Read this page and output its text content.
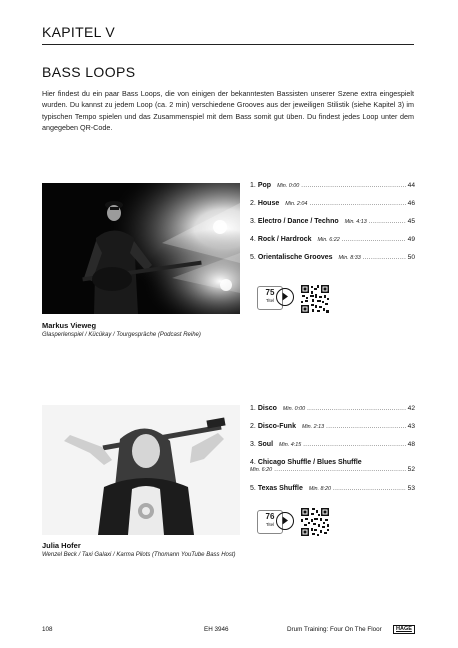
KAPITEL V
BASS LOOPS
Hier findest du ein paar Bass Loops, die von einigen der bekanntesten Bassisten unserer Szene extra eingespielt wurden. Du kannst zu jedem Loop (ca. 2 min) verschiedene Grooves aus der jeweiligen Stilistik (siehe Kapitel 3) im typischen Tempo spielen und das Zusammenspiel mit dem Bass somit gut üben. Du findest jedes Loop unter dem angegeben QR-Code.
Markus Vieweg
Glasperlenspiel / Kücükay / Tourgespräche (Podcast Reihe)
1. Pop Min. 0:00 .....	44
2. House Min. 2:04 .....	46
3. Electro / Dance / Techno Min. 4:13 .....	45
4. Rock / Hardrock Min. 6:22 .....	49
5. Orientalische Grooves Min. 8:33 .....	50
75
Titel
Julia Hofer
Wenzel Beck / Taxi Galaxi / Karma Pilots (Thomann YouTube Bass Host)
1. Disco Min. 0:00 .....	42
2. Disco-Funk Min. 2:13 .....	43
3. Soul Min. 4:15 .....	48
4. Chicago Shuffle / Blues Shuffle
Min. 6:20 .....	52
5. Texas Shuffle Min. 8:20 .....	53
76
Titel
108	EH 3946	Drum Training: Four On The Floor	HAGE
